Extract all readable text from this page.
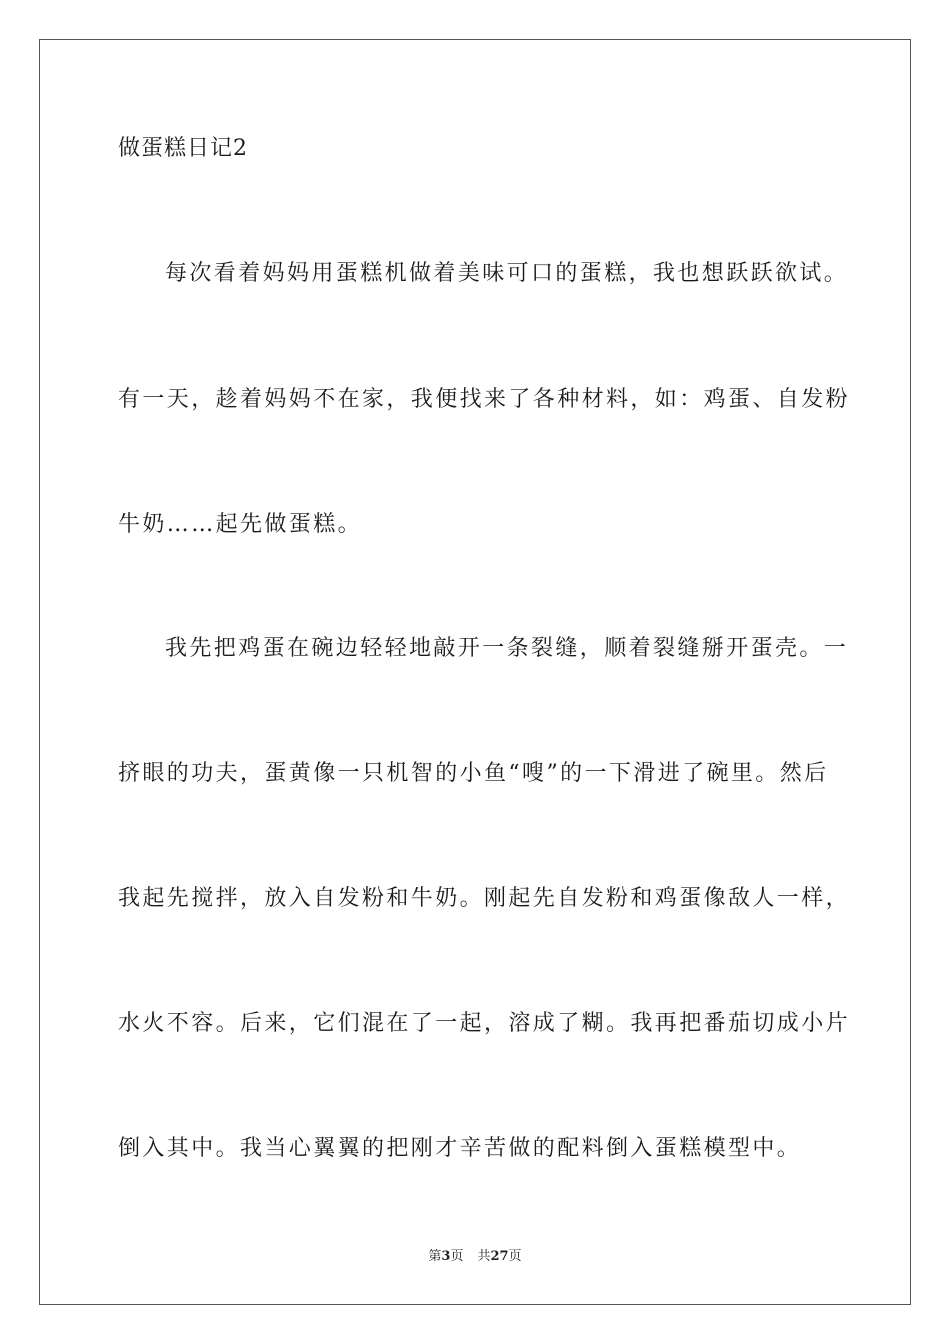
做蛋糕日记2
每次看着妈妈用蛋糕机做着美味可口的蛋糕，我也想跃跃欲试。
有一天，趁着妈妈不在家，我便找来了各种材料，如：鸡蛋、自发粉
牛奶……起先做蛋糕。
我先把鸡蛋在碗边轻轻地敲开一条裂缝，顺着裂缝掰开蛋壳。一
挤眼的功夫，蛋黄像一只机智的小鱼“嗖”的一下滑进了碗里。然后
我起先搅拌，放入自发粉和牛奶。刚起先自发粉和鸡蛋像敌人一样，
水火不容。后来，它们混在了一起，溶成了糊。我再把番茄切成小片
倒入其中。我当心翼翼的把刚才辛苦做的配料倒入蛋糕模型中。
第3页 共27页
